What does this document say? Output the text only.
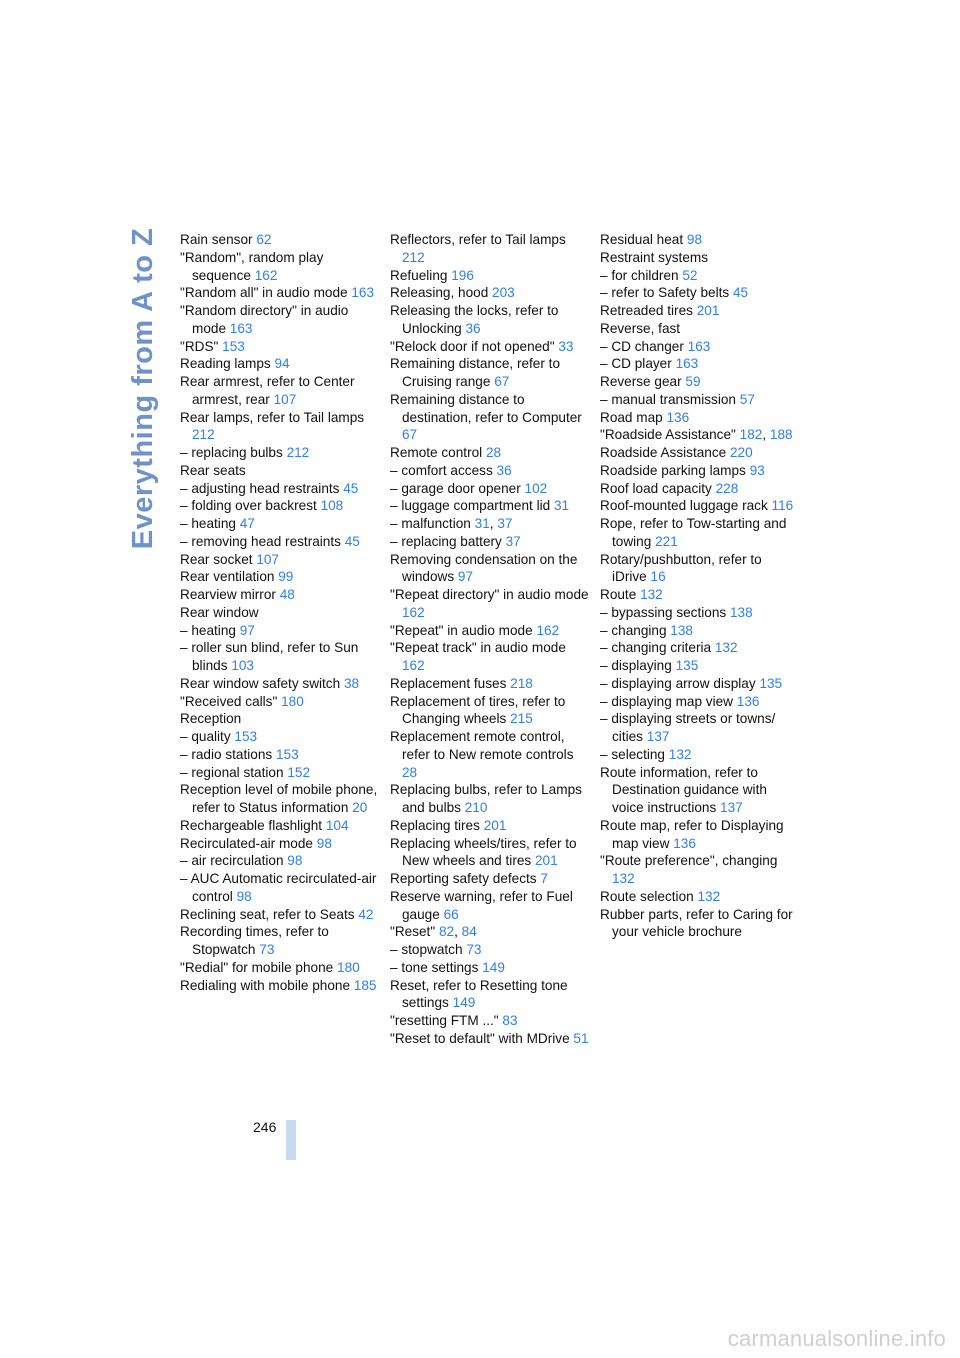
Everything from A to Z Rain sensor 62
"Random", random play sequence 162
"Random all" in audio mode 163
"Random directory" in audio mode 163
"RDS" 153
Reading lamps 94
Rear armrest, refer to Center armrest, rear 107
Rear lamps, refer to Tail lamps 212
– replacing bulbs 212
Rear seats
– adjusting head restraints 45
– folding over backrest 108
– heating 47
– removing head restraints 45
Rear socket 107
Rear ventilation 99
Rearview mirror 48
Rear window
– heating 97
– roller sun blind, refer to Sun blinds 103
Rear window safety switch 38
"Received calls" 180
Reception
– quality 153
– radio stations 153
– regional station 152
Reception level of mobile phone, refer to Status information 20
Rechargeable flashlight 104
Recirculated-air mode 98
– air recirculation 98
– AUC Automatic recirculated-air control 98
Reclining seat, refer to Seats 42
Recording times, refer to Stopwatch 73
"Redial" for mobile phone 180
Redialing with mobile phone 185
Reflectors, refer to Tail lamps 212
Refueling 196
Releasing, hood 203
Releasing the locks, refer to Unlocking 36
"Relock door if not opened" 33
Remaining distance, refer to Cruising range 67
Remaining distance to destination, refer to Computer 67
Remote control 28
– comfort access 36
– garage door opener 102
– luggage compartment lid 31
– malfunction 31, 37
– replacing battery 37
Removing condensation on the windows 97
"Repeat directory" in audio mode 162
"Repeat" in audio mode 162
"Repeat track" in audio mode 162
Replacement fuses 218
Replacement of tires, refer to Changing wheels 215
Replacement remote control, refer to New remote controls 28
Replacing bulbs, refer to Lamps and bulbs 210
Replacing tires 201
Replacing wheels/tires, refer to New wheels and tires 201
Reporting safety defects 7
Reserve warning, refer to Fuel gauge 66
"Reset" 82, 84
– stopwatch 73
– tone settings 149
Reset, refer to Resetting tone settings 149
"resetting FTM ..." 83
"Reset to default" with MDrive 51
Residual heat 98
Restraint systems
– for children 52
– refer to Safety belts 45
Retreaded tires 201
Reverse, fast
– CD changer 163
– CD player 163
Reverse gear 59
– manual transmission 57
Road map 136
"Roadside Assistance" 182, 188
Roadside Assistance 220
Roadside parking lamps 93
Roof load capacity 228
Roof-mounted luggage rack 116
Rope, refer to Tow-starting and towing 221
Rotary/pushbutton, refer to iDrive 16
Route 132
– bypassing sections 138
– changing 138
– changing criteria 132
– displaying 135
– displaying arrow display 135
– displaying map view 136
– displaying streets or towns/ cities 137
– selecting 132
Route information, refer to Destination guidance with voice instructions 137
Route map, refer to Displaying map view 136
"Route preference", changing 132
Route selection 132
Rubber parts, refer to Caring for your vehicle brochure
246
carmanualsonline.info
